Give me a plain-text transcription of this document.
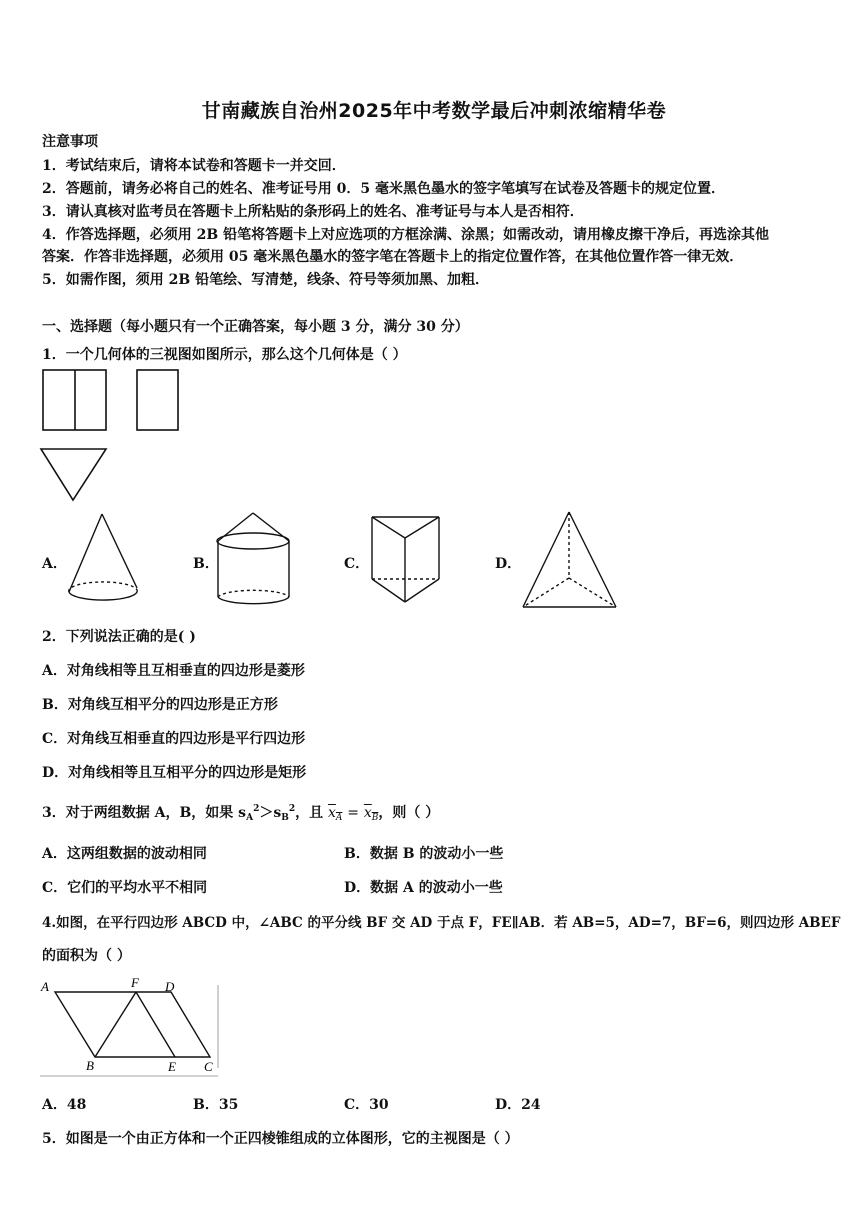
甘南藏族自治州2025年中考数学最后冲刺浓缩精华卷
注意事项
1．考试结束后，请将本试卷和答题卡一并交回．
2．答题前，请务必将自己的姓名、准考证号用 0．5 毫米黑色墨水的签字笔填写在试卷及答题卡的规定位置．
3．请认真核对监考员在答题卡上所粘贴的条形码上的姓名、准考证号与本人是否相符．
4．作答选择题，必须用 2B 铅笔将答题卡上对应选项的方框涂满、涂黑；如需改动，请用橡皮擦干净后，再选涂其他
答案．作答非选择题，必须用 05 毫米黑色墨水的签字笔在答题卡上的指定位置作答，在其他位置作答一律无效．
5．如需作图，须用 2B 铅笔绘、写清楚，线条、符号等须加黑、加粗．
一、选择题（每小题只有一个正确答案，每小题 3 分，满分 30 分）
1．一个几何体的三视图如图所示，那么这个几何体是（ ）
A．	B．	C．	D．
2．下列说法正确的是( )
A．对角线相等且互相垂直的四边形是菱形
B．对角线互相平分的四边形是正方形
C．对角线互相垂直的四边形是平行四边形
D．对角线相等且互相平分的四边形是矩形
3．对于两组数据 A，B，如果 $s_A^2>s_B^2$，且 $x_A = x_B$，则（ ）
A．这两组数据的波动相同	B．数据 B 的波动小一些
C．它们的平均水平不相同	D．数据 A 的波动小一些
4.如图，在平行四边形 ABCD 中，∠ABC 的平分线 BF 交 AD 于点 F，FE∥AB．若 AB=5，AD=7，BF=6，则四边形 ABEF
的面积为（ ）
A	F D
B	E C
A．48	B．35	C．30	D．24
5．如图是一个由正方体和一个正四棱锥组成的立体图形，它的主视图是（ ）
